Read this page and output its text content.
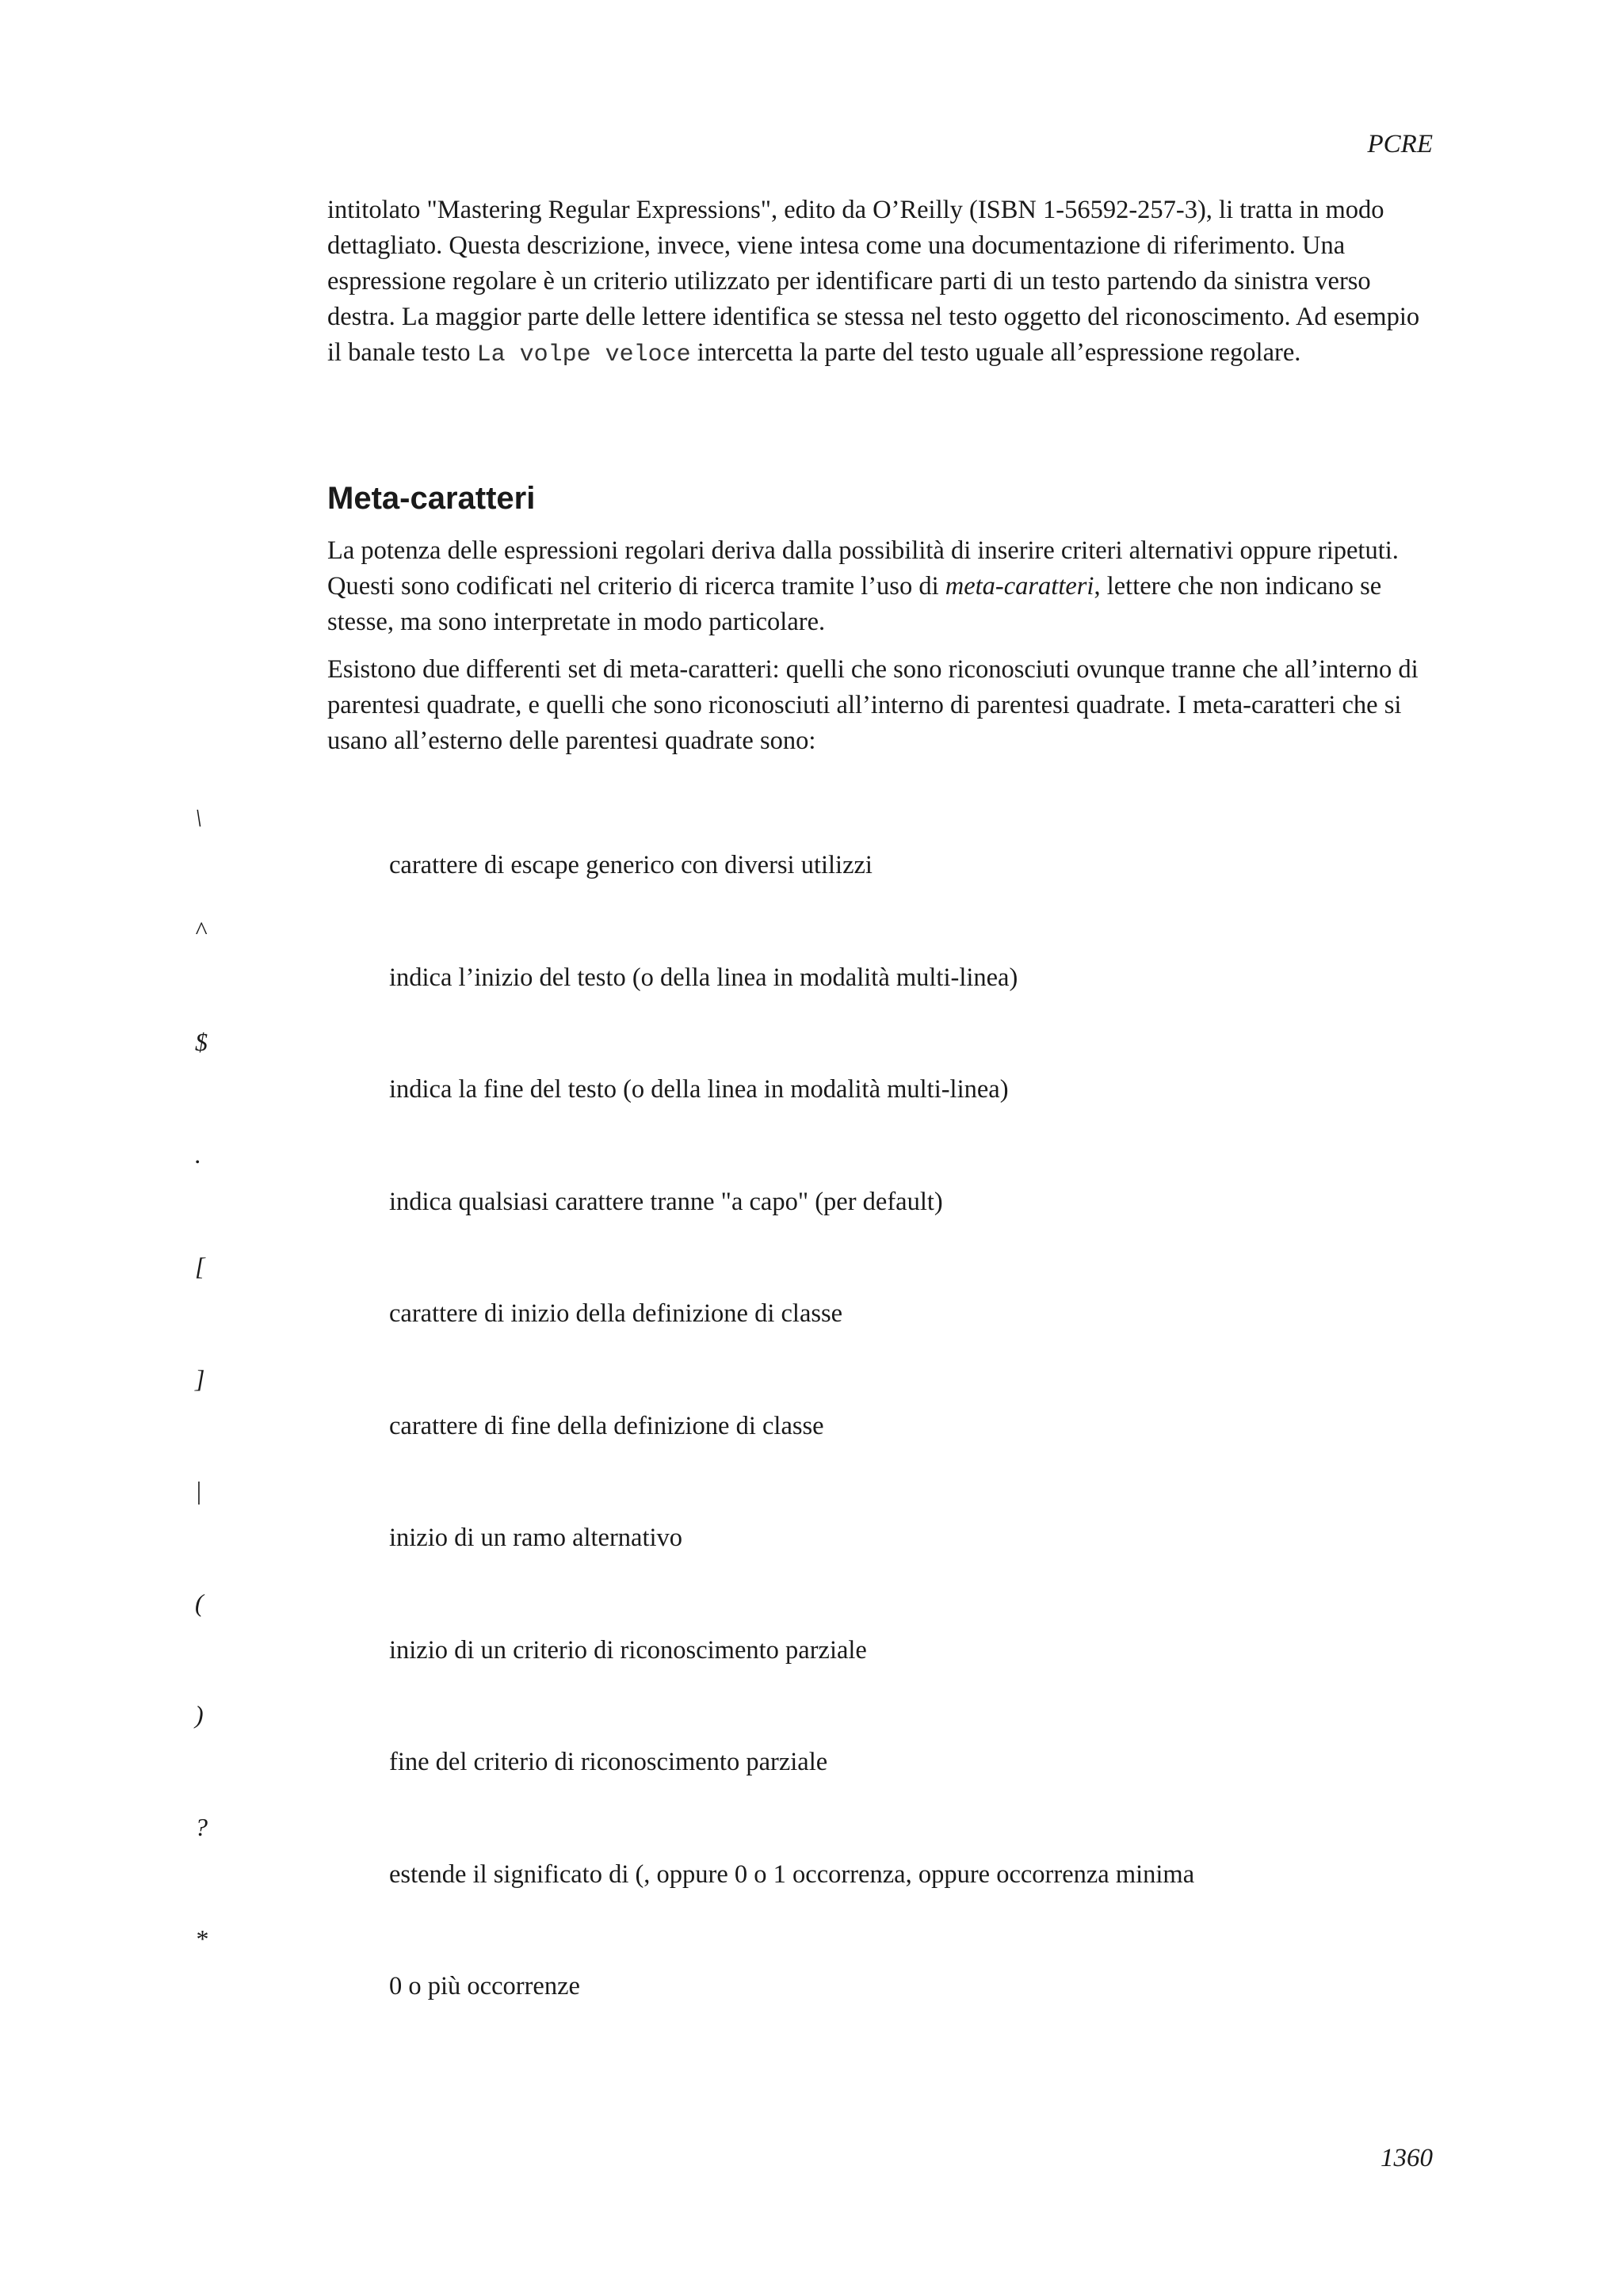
PCRE

intitolato "Mastering Regular Expressions", edito da O’Reilly (ISBN 1-56592-257-3), li tratta in modo dettagliato. Questa descrizione, invece, viene intesa come una documentazione di riferimento. Una espressione regolare è un criterio utilizzato per identificare parti di un testo partendo da sinistra verso destra. La maggior parte delle lettere identifica se stessa nel testo oggetto del riconoscimento. Ad esempio il banale testo La volpe veloce intercetta la parte del testo uguale all’espressione regolare.

Meta-caratteri

La potenza delle espressioni regolari deriva dalla possibilità di inserire criteri alternativi oppure ripetuti. Questi sono codificati nel criterio di ricerca tramite l’uso di meta-caratteri, lettere che non indicano se stesse, ma sono interpretate in modo particolare.

Esistono due differenti set di meta-caratteri: quelli che sono riconosciuti ovunque tranne che all’interno di parentesi quadrate, e quelli che sono riconosciuti all’interno di parentesi quadrate. I meta-caratteri che si usano all’esterno delle parentesi quadrate sono:

\
carattere di escape generico con diversi utilizzi
^
indica l’inizio del testo (o della linea in modalità multi-linea)
$
indica la fine del testo (o della linea in modalità multi-linea)
.
indica qualsiasi carattere tranne "a capo" (per default)
[
carattere di inizio della definizione di classe
]
carattere di fine della definizione di classe
|
inizio di un ramo alternativo
(
inizio di un criterio di riconoscimento parziale
)
fine del criterio di riconoscimento parziale
?
estende il significato di (, oppure 0 o 1 occorrenza, oppure occorrenza minima
*
0 o più occorrenze

1360
